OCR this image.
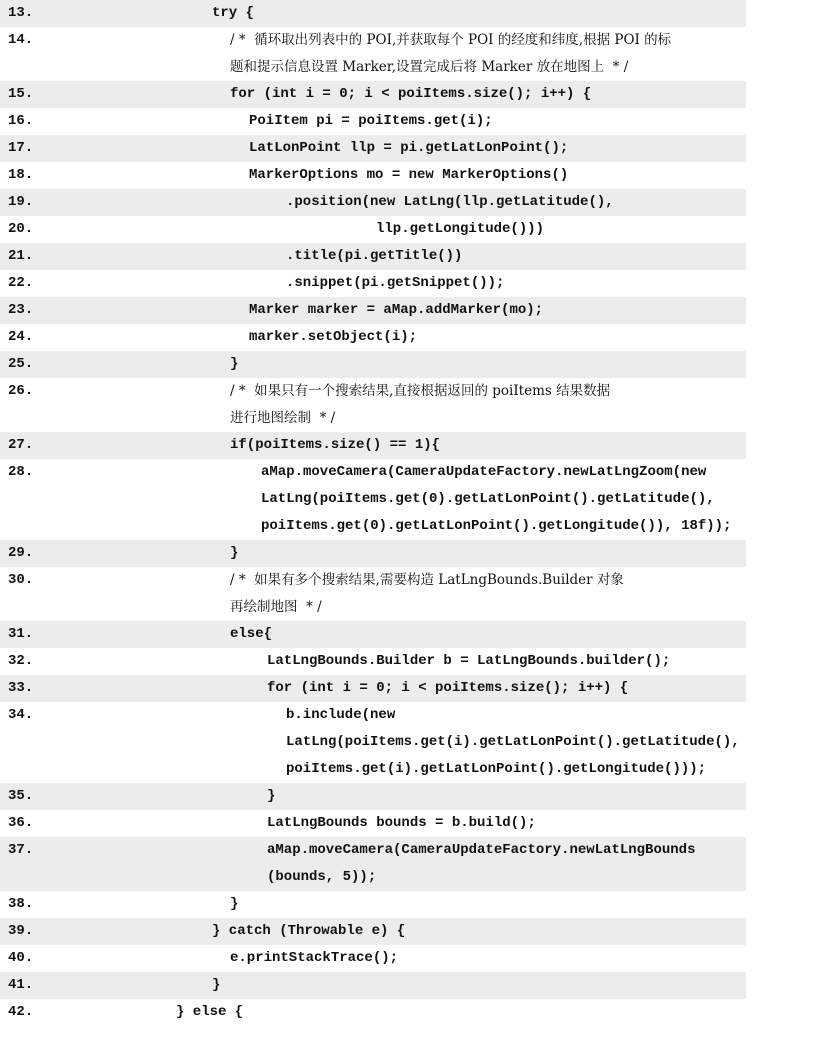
13.	try {
14.	/ *  循环取出列表中的 POI,并获取每个 POI 的经度和纬度,根据 POI 的标
题和提示信息设置 Marker,设置完成后将 Marker 放在地图上  * /
15.	for (int i = 0; i < poiItems.size(); i++) {
16.	PoiItem pi = poiItems.get(i);
17.	LatLonPoint llp = pi.getLatLonPoint();
18.	MarkerOptions mo = new MarkerOptions()
19.	.position(new LatLng(llp.getLatitude(),
20.	llp.getLongitude()))
21.	.title(pi.getTitle())
22.	.snippet(pi.getSnippet());
23.	Marker marker = aMap.addMarker(mo);
24.	marker.setObject(i);
25.	}
26.	/ *  如果只有一个搜索结果,直接根据返回的 poiItems 结果数据
进行地图绘制  * /
27.	if(poiItems.size() == 1){
28.	aMap.moveCamera(CameraUpdateFactory.newLatLngZoom(new
LatLng(poiItems.get(0).getLatLonPoint().getLatitude(),
poiItems.get(0).getLatLonPoint().getLongitude()), 18f));
29.	}
30.	/ *  如果有多个搜索结果,需要构造 LatLngBounds.Builder 对象
再绘制地图  * /
31.	else{
32.	LatLngBounds.Builder b = LatLngBounds.builder();
33.	for (int i = 0; i < poiItems.size(); i++) {
34.	b.include(new
LatLng(poiItems.get(i).getLatLonPoint().getLatitude(),
poiItems.get(i).getLatLonPoint().getLongitude()));
35.	}
36.	LatLngBounds bounds = b.build();
37.	aMap.moveCamera(CameraUpdateFactory.newLatLngBounds
(bounds, 5));
38.	}
39.	} catch (Throwable e) {
40.	e.printStackTrace();
41.	}
42.	} else {
